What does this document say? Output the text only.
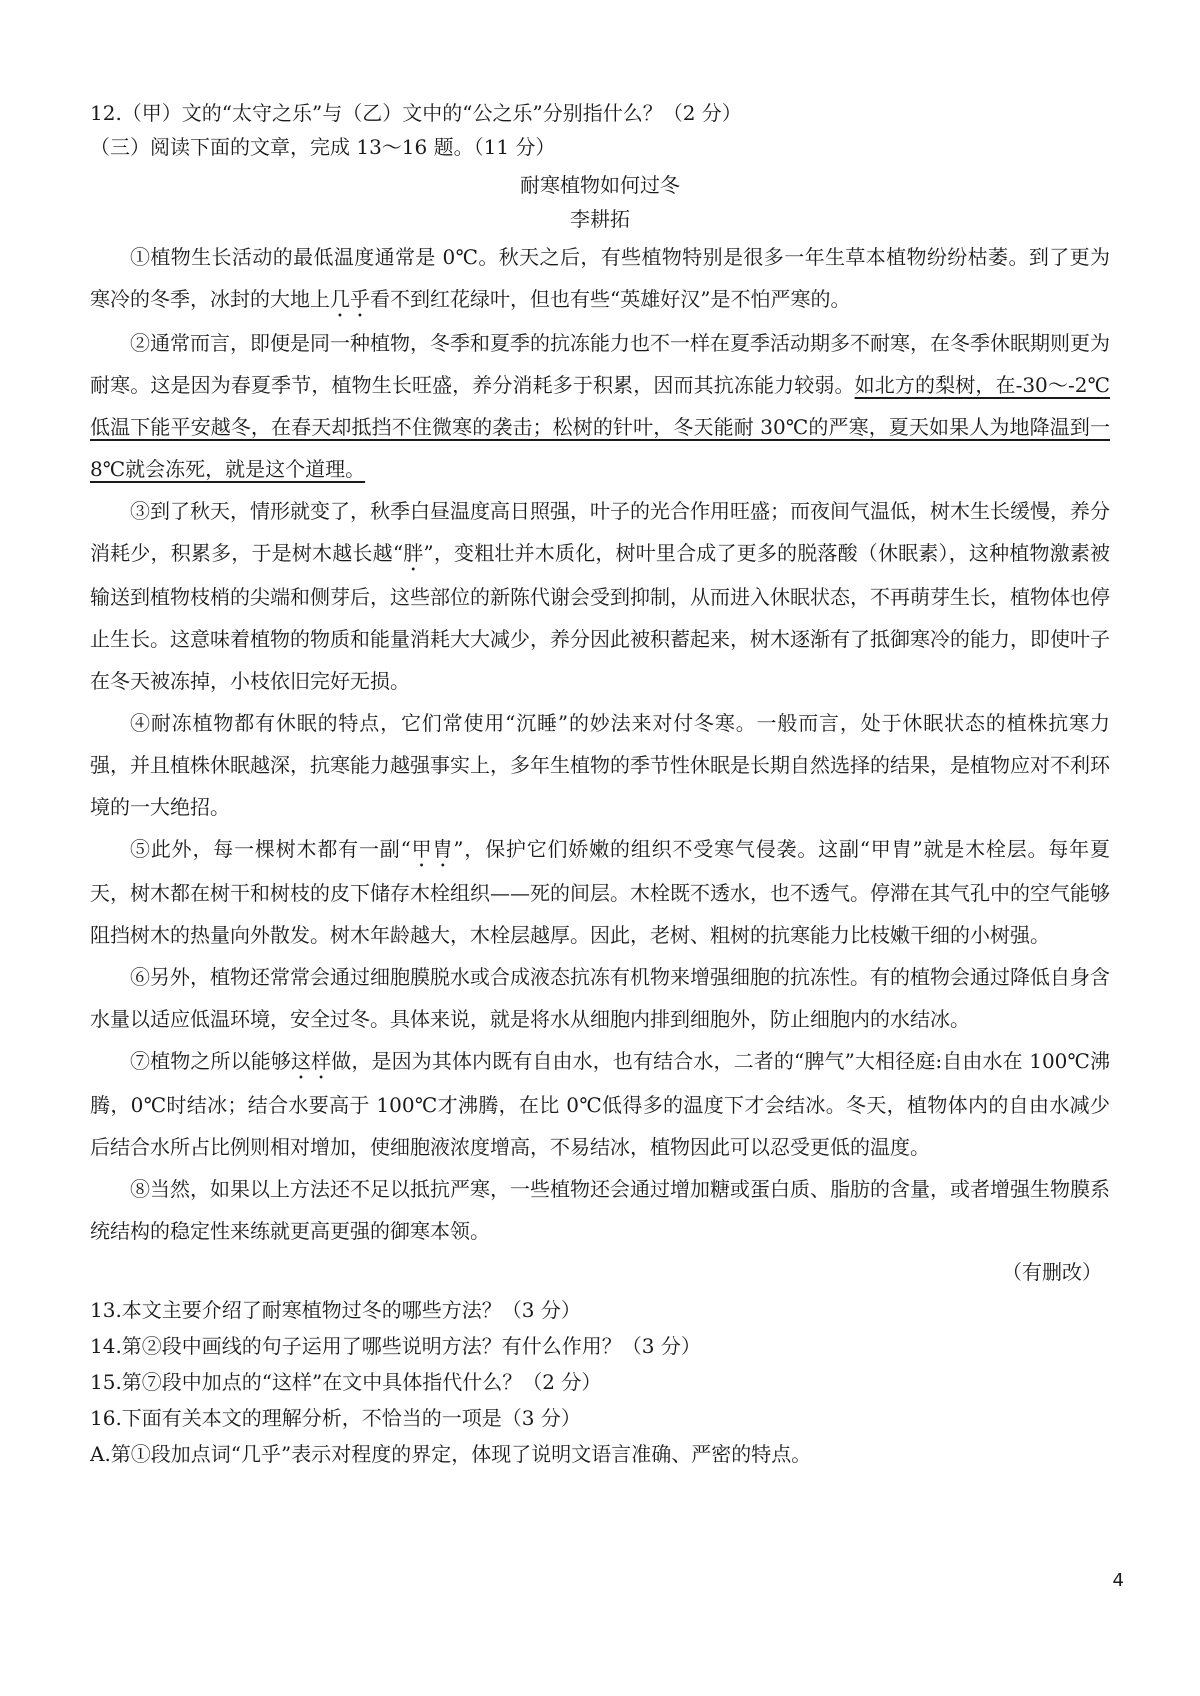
12.（甲）文的“太守之乐”与（乙）文中的“公之乐”分别指什么？（2 分）
（三）阅读下面的文章，完成 13～16 题。（11 分）
耐寒植物如何过冬
李耕拓

①植物生长活动的最低温度通常是 0℃。秋天之后，有些植物特别是很多一年生草本植物纷纷枯萎。到了更为寒冷的冬季，冰封的大地上几乎看不到红花绿叶，但也有些“英雄好汉”是不怕严寒的。

②通常而言，即便是同一种植物，冬季和夏季的抗冻能力也不一样在夏季活动期多不耐寒，在冬季休眠期则更为耐寒。这是因为春夏季节，植物生长旺盛，养分消耗多于积累，因而其抗冻能力较弱。如北方的梨树，在-30～-2℃低温下能平安越冬，在春天却抵挡不住微寒的袭击；松树的针叶，冬天能耐 30℃的严寒，夏天如果人为地降温到一 8℃就会冻死，就是这个道理。

③到了秋天，情形就变了，秋季白昼温度高日照强，叶子的光合作用旺盛；而夜间气温低，树木生长缓慢，养分消耗少，积累多，于是树木越长越“胖”，变粗壮并木质化，树叶里合成了更多的脱落酸（休眠素），这种植物激素被输送到植物枝梢的尖端和侧芽后，这些部位的新陈代谢会受到抑制，从而进入休眠状态，不再萌芽生长，植物体也停止生长。这意味着植物的物质和能量消耗大大减少，养分因此被积蓄起来，树木逐渐有了抵御寒冷的能力，即使叶子在冬天被冻掉，小枝依旧完好无损。

④耐冻植物都有休眠的特点，它们常使用“沉睡”的妙法来对付冬寒。一般而言，处于休眠状态的植株抗寒力强，并且植株休眠越深，抗寒能力越强事实上，多年生植物的季节性休眠是长期自然选择的结果，是植物应对不利环境的一大绝招。

⑤此外，每一棵树木都有一副“甲胄”，保护它们娇嫩的组织不受寒气侵袭。这副“甲胄”就是木栓层。每年夏天，树木都在树干和树枝的皮下储存木栓组织——死的间层。木栓既不透水，也不透气。停滞在其气孔中的空气能够阻挡树木的热量向外散发。树木年龄越大，木栓层越厚。因此，老树、粗树的抗寒能力比枝嫩干细的小树强。

⑥另外，植物还常常会通过细胞膜脱水或合成液态抗冻有机物来增强细胞的抗冻性。有的植物会通过降低自身含水量以适应低温环境，安全过冬。具体来说，就是将水从细胞内排到细胞外，防止细胞内的水结冰。

⑦植物之所以能够这样做，是因为其体内既有自由水，也有结合水，二者的“脾气”大相径庭:自由水在 100℃沸腾，0℃时结冰；结合水要高于 100℃才沸腾，在比 0℃低得多的温度下才会结冰。冬天，植物体内的自由水减少后结合水所占比例则相对增加，使细胞液浓度增高，不易结冰，植物因此可以忍受更低的温度。

⑧当然，如果以上方法还不足以抵抗严寒，一些植物还会通过增加糖或蛋白质、脂肪的含量，或者增强生物膜系统结构的稳定性来练就更高更强的御寒本领。

（有删改）
13.本文主要介绍了耐寒植物过冬的哪些方法？（3 分）
14.第②段中画线的句子运用了哪些说明方法？有什么作用？（3 分）
15.第⑦段中加点的“这样”在文中具体指代什么？（2 分）
16.下面有关本文的理解分析，不恰当的一项是（3 分）
A.第①段加点词“几乎”表示对程度的界定，体现了说明文语言准确、严密的特点。
4
